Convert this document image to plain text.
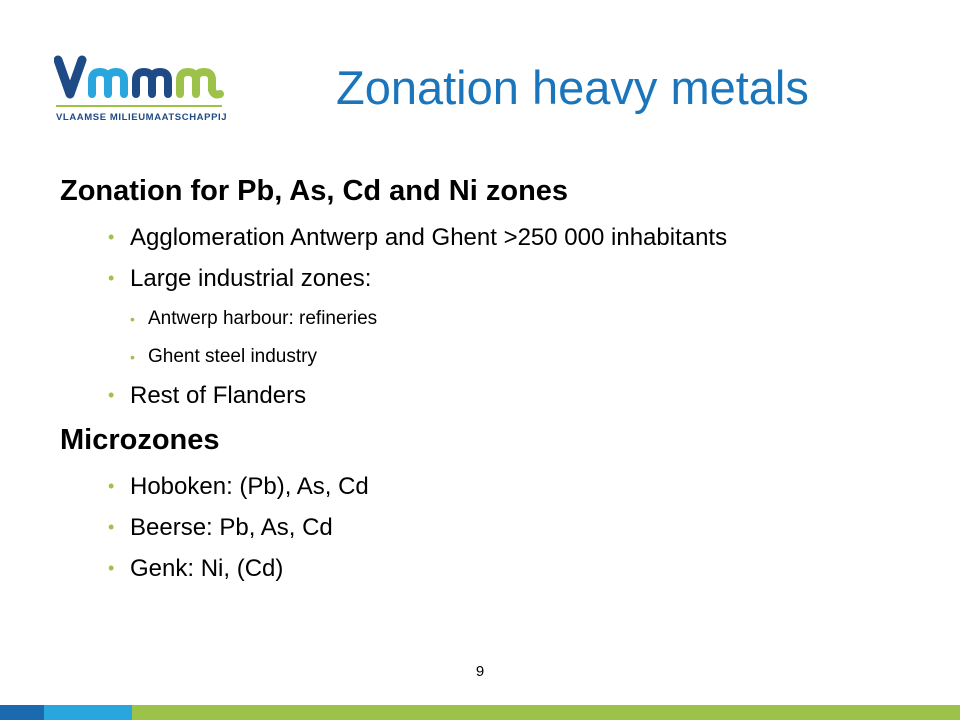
VLAAMSE MILIEUMAATSCHAPPIJ
Zonation heavy metals
Zonation for Pb, As, Cd and Ni zones
• Agglomeration Antwerp and Ghent >250 000 inhabitants
• Large industrial zones:
• Antwerp harbour: refineries
• Ghent steel industry
• Rest of Flanders
Microzones
• Hoboken: (Pb), As, Cd
• Beerse: Pb, As, Cd
• Genk: Ni, (Cd)
9
